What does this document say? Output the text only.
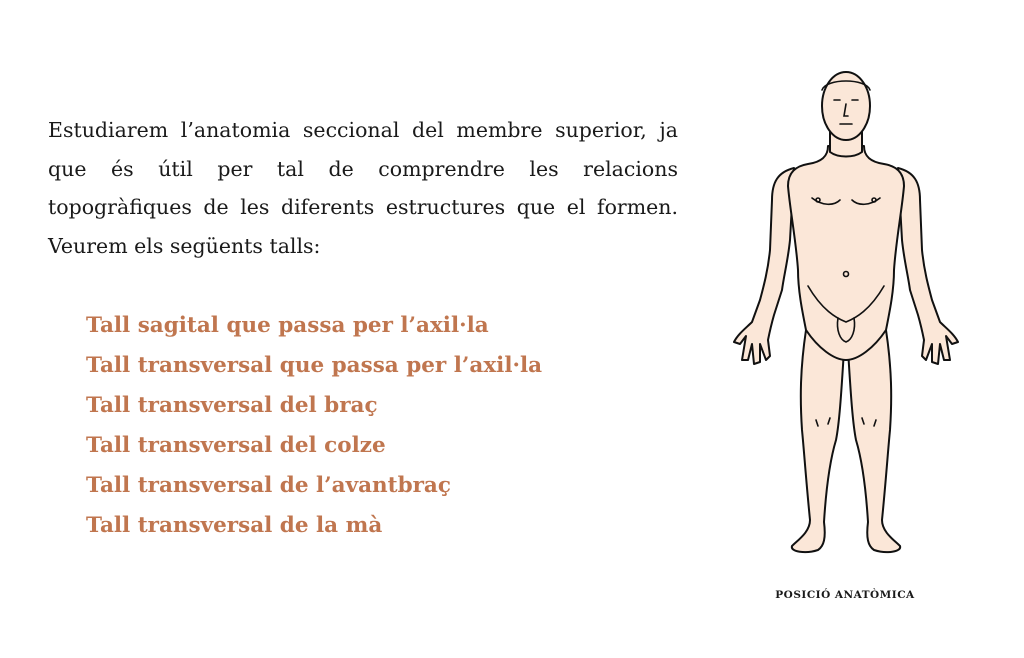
Estudiarem l’anatomia seccional del membre superior, ja que és útil per tal de comprendre les relacions topogràfiques de les diferents estructures que el formen. Veurem els següents talls:

Tall sagital que passa per l’axil·la
Tall transversal que passa per l’axil·la
Tall transversal del braç
Tall transversal del colze
Tall transversal de l’avantbraç
Tall transversal de la mà
POSICIÓ ANATÒMICA
